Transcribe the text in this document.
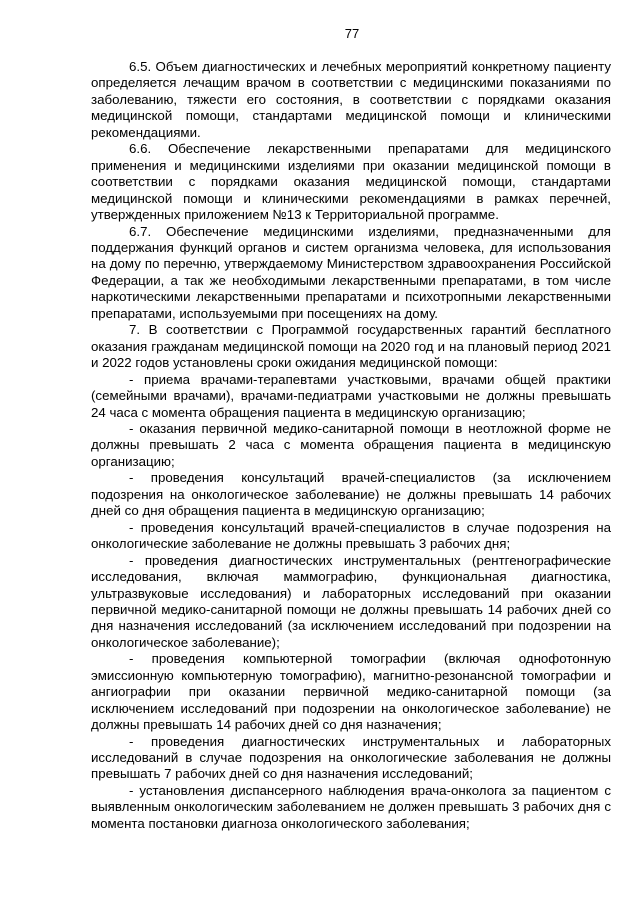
77

6.5. Объем диагностических и лечебных мероприятий конкретному пациенту определяется лечащим врачом в соответствии с медицинскими показаниями по заболеванию, тяжести его состояния, в соответствии с порядками оказания медицинской помощи, стандартами медицинской помощи и клиническими рекомендациями.

6.6. Обеспечение лекарственными препаратами для медицинского применения и медицинскими изделиями при оказании медицинской помощи в соответствии с порядками оказания медицинской помощи, стандартами медицинской помощи и клиническими рекомендациями в рамках перечней, утвержденных приложением №13 к Территориальной программе.

6.7. Обеспечение медицинскими изделиями, предназначенными для поддержания функций органов и систем организма человека, для использования на дому по перечню, утверждаемому Министерством здравоохранения Российской Федерации, а так же необходимыми лекарственными препаратами, в том числе наркотическими лекарственными препаратами и психотропными лекарственными препаратами, используемыми при посещениях на дому.

7. В соответствии с Программой государственных гарантий бесплатного оказания гражданам медицинской помощи на 2020 год и на плановый период 2021 и 2022 годов установлены сроки ожидания медицинской помощи:

- приема врачами-терапевтами участковыми, врачами общей практики (семейными врачами), врачами-педиатрами участковыми не должны превышать 24 часа с момента обращения пациента в медицинскую организацию;

- оказания первичной медико-санитарной помощи в неотложной форме не должны превышать 2 часа с момента обращения пациента в медицинскую организацию;

- проведения консультаций врачей-специалистов (за исключением подозрения на онкологическое заболевание) не должны превышать 14 рабочих дней со дня обращения пациента в медицинскую организацию;

- проведения консультаций врачей-специалистов в случае подозрения на онкологические заболевание не должны превышать 3 рабочих дня;

- проведения диагностических инструментальных (рентгенографические исследования, включая маммографию, функциональная диагностика, ультразвуковые исследования) и лабораторных исследований при оказании первичной медико-санитарной помощи не должны превышать 14 рабочих дней со дня назначения исследований (за исключением исследований при подозрении на онкологическое заболевание);

- проведения компьютерной томографии (включая однофотонную эмиссионную компьютерную томографию), магнитно-резонансной томографии и ангиографии при оказании первичной медико-санитарной помощи (за исключением исследований при подозрении на онкологическое заболевание) не должны превышать 14 рабочих дней со дня назначения;

- проведения диагностических инструментальных и лабораторных исследований в случае подозрения на онкологические заболевания не должны превышать 7 рабочих дней со дня назначения исследований;

- установления диспансерного наблюдения врача-онколога за пациентом с выявленным онкологическим заболеванием не должен превышать 3 рабочих дня с момента постановки диагноза онкологического заболевания;
